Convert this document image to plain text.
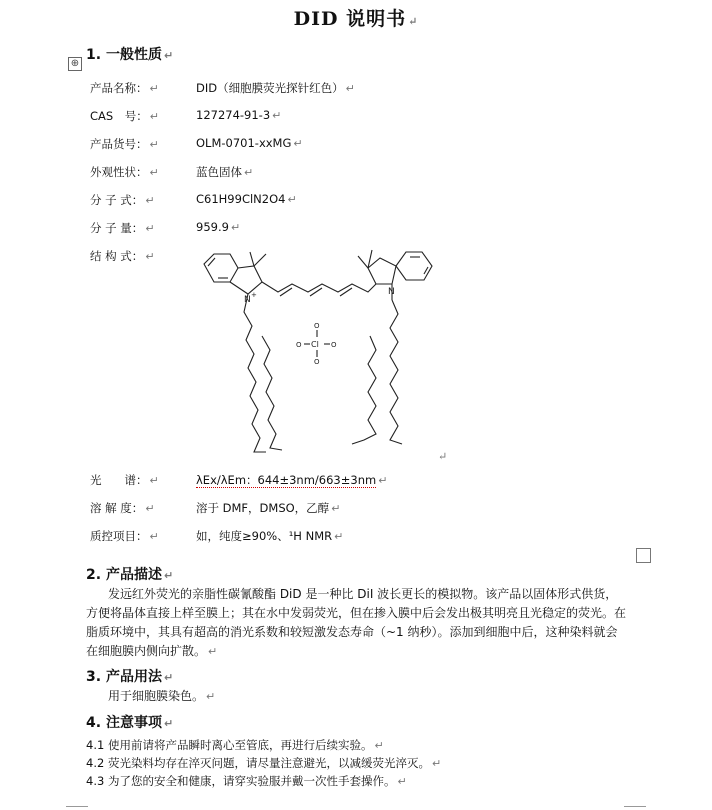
DID 说明书 ↵
⊕
1. 一般性质 ↵
产品名称： ↵	DID（细胞膜荧光探针红色） ↵
CAS　号： ↵	127274-91-3 ↵
产品货号： ↵	OLM-0701-xxMG ↵
外观性状： ↵	蓝色固体 ↵
分 子 式： ↵	C61H99ClN2O4 ↵
分 子 量： ↵	959.9 ↵
结 构 式： ↵
N +	N
Cl
O	O
O
O
↵
光　　谱： ↵	λEx/λEm：644±3nm/663±3nm ↵
溶 解 度： ↵	溶于 DMF，DMSO，乙醇 ↵
质控项目： ↵	如，纯度≥90%、¹H NMR ↵
2. 产品描述 ↵
发远红外荧光的亲脂性碳氰酸酯 DiD 是一种比 DiI 波长更长的模拟物。该产品以固体形式供货，方便将晶体直接上样至膜上；其在水中发弱荧光，但在掺入膜中后会发出极其明亮且光稳定的荧光。在脂质环境中，其具有超高的消光系数和较短激发态寿命（~1 纳秒）。添加到细胞中后，这种染料就会在细胞膜内侧向扩散。 ↵
3. 产品用法 ↵
用于细胞膜染色。 ↵
4. 注意事项 ↵
4.1 使用前请将产品瞬时离心至管底，再进行后续实验。 ↵
4.2 荧光染料均存在淬灭问题，请尽量注意避光，以减缓荧光淬灭。 ↵
4.3 为了您的安全和健康，请穿实验服并戴一次性手套操作。 ↵
